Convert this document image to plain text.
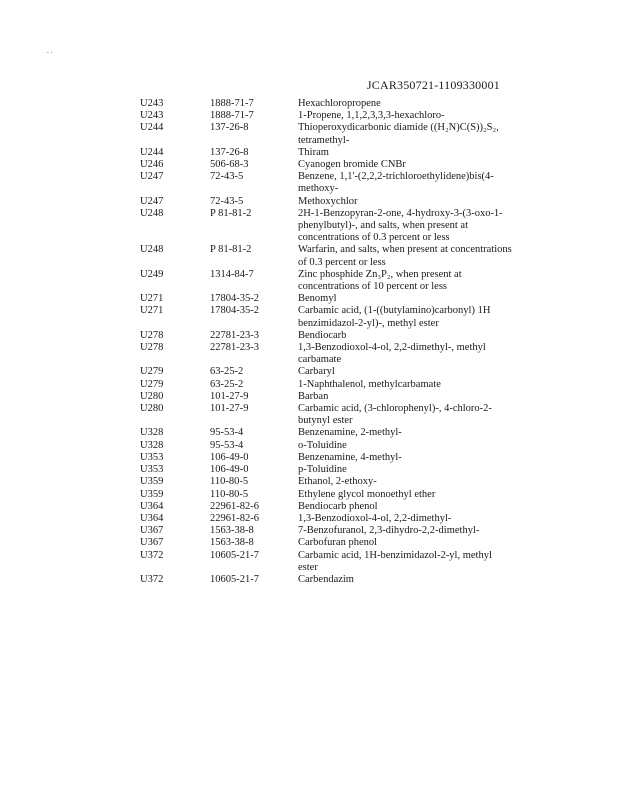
. .
JCAR350721-1109330001
U243	1888-71-7	Hexachloropropene
U243	1888-71-7	1-Propene, 1,1,2,3,3,3-hexachloro-
U244	137-26-8	Thioperoxydicarbonic diamide ((H₂N)C(S))₂S₂, tetramethyl-
U244	137-26-8	Thiram
U246	506-68-3	Cyanogen bromide CNBr
U247	72-43-5	Benzene, 1,1'-(2,2,2-trichloroethylidene)bis(4-methoxy-
U247	72-43-5	Methoxychlor
U248	P 81-81-2	2H-1-Benzopyran-2-one, 4-hydroxy-3-(3-oxo-1-phenylbutyl)-, and salts, when present at concentrations of 0.3 percent or less
U248	P 81-81-2	Warfarin, and salts, when present at concentrations of 0.3 percent or less
U249	1314-84-7	Zinc phosphide Zn₃P₂, when present at concentrations of 10 percent or less
U271	17804-35-2	Benomyl
U271	17804-35-2	Carbamic acid, (1-((butylamino)carbonyl) 1H benzimidazol-2-yl)-, methyl ester
U278	22781-23-3	Bendiocarb
U278	22781-23-3	1,3-Benzodioxol-4-ol, 2,2-dimethyl-, methyl carbamate
U279	63-25-2	Carbaryl
U279	63-25-2	1-Naphthalenol, methylcarbamate
U280	101-27-9	Barban
U280	101-27-9	Carbamic acid, (3-chlorophenyl)-, 4-chloro-2-butynyl ester
U328	95-53-4	Benzenamine, 2-methyl-
U328	95-53-4	o-Toluidine
U353	106-49-0	Benzenamine, 4-methyl-
U353	106-49-0	p-Toluidine
U359	110-80-5	Ethanol, 2-ethoxy-
U359	110-80-5	Ethylene glycol monoethyl ether
U364	22961-82-6	Bendiocarb phenol
U364	22961-82-6	1,3-Benzodioxol-4-ol, 2,2-dimethyl-
U367	1563-38-8	7-Benzofuranol, 2,3-dihydro-2,2-dimethyl-
U367	1563-38-8	Carbofuran phenol
U372	10605-21-7	Carbamic acid, 1H-benzimidazol-2-yl, methyl ester
U372	10605-21-7	Carbendazim
